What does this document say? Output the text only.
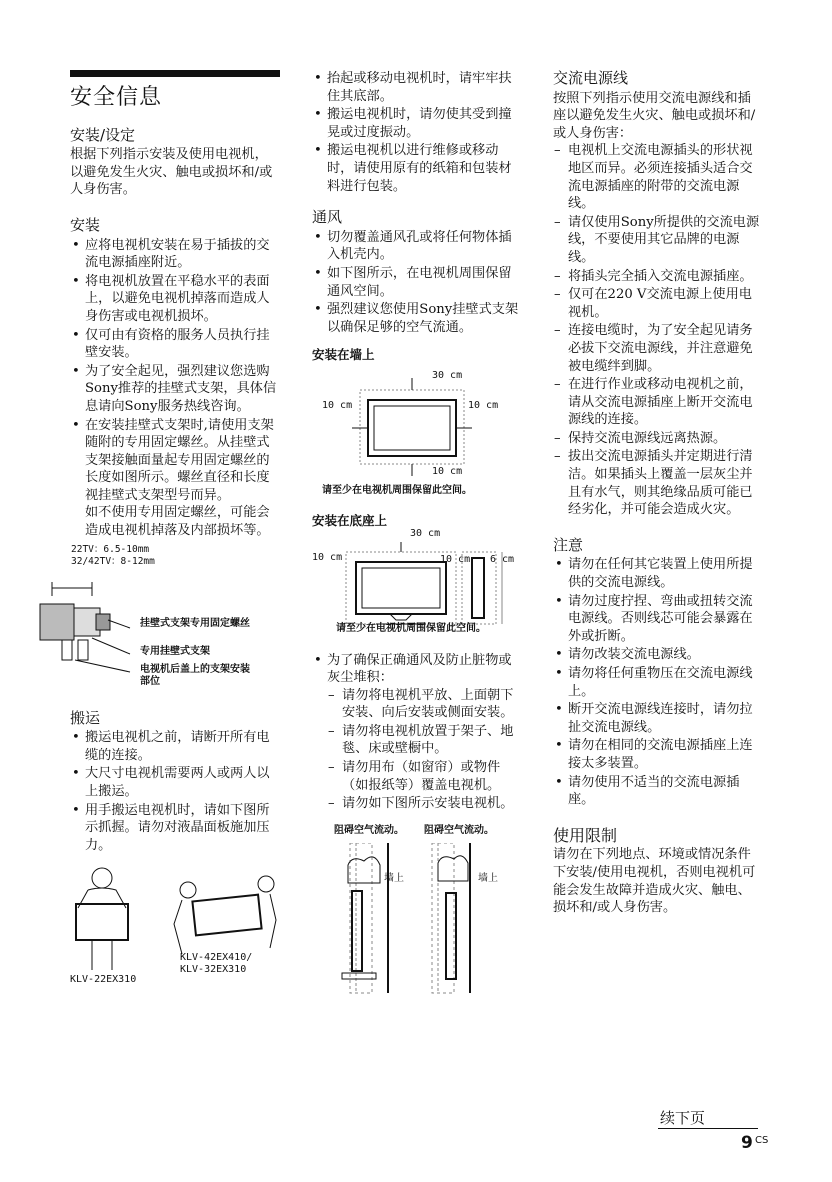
安全信息
安装/设定

根据下列指示安装及使用电视机，以避免发生火灾、触电或损坏和/或人身伤害。

安装
• 应将电视机安装在易于插拔的交流电源插座附近。
• 将电视机放置在平稳水平的表面上，以避免电视机掉落而造成人身伤害或电视机损坏。
• 仅可由有资格的服务人员执行挂壁安装。
• 为了安全起见，强烈建议您选购Sony推荐的挂壁式支架，具体信息请向Sony服务热线咨询。
• 在安装挂壁式支架时,请使用支架随附的专用固定螺丝。从挂壁式支架接触面量起专用固定螺丝的长度如图所示。螺丝直径和长度视挂壁式支架型号而异。
如不使用专用固定螺丝，可能会造成电视机掉落及内部损坏等。
22TV：6.5-10mm
32/42TV：8-12mm
挂壁式支架专用固定螺丝
专用挂壁式支架
电视机后盖上的支架安装部位
搬运
• 搬运电视机之前，请断开所有电缆的连接。
• 大尺寸电视机需要两人或两人以上搬运。
• 用手搬运电视机时，请如下图所示抓握。请勿对液晶面板施加压力。
KLV-22EX310
KLV-42EX410/
KLV-32EX310
• 抬起或移动电视机时，请牢牢扶住其底部。
• 搬运电视机时，请勿使其受到撞晃或过度振动。
• 搬运电视机以进行维修或移动时，请使用原有的纸箱和包装材料进行包装。
通风
• 切勿覆盖通风孔或将任何物体插入机壳内。
• 如下图所示，在电视机周围保留通风空间。
• 强烈建议您使用Sony挂壁式支架以确保足够的空气流通。
安装在墙上
30 cm
10 cm	10 cm
10 cm
请至少在电视机周围保留此空间。
安装在底座上
30 cm
10 cm	10 cm 6 cm
请至少在电视机周围保留此空间。
• 为了确保正确通风及防止脏物或灰尘堆积：
– 请勿将电视机平放、上面朝下安装、向后安装或侧面安装。
– 请勿将电视机放置于架子、地毯、床或壁橱中。
– 请勿用布（如窗帘）或物件（如报纸等）覆盖电视机。
– 请勿如下图所示安装电视机。
阻碍空气流动。 阻碍空气流动。
墙上	墙上
交流电源线

按照下列指示使用交流电源线和插座以避免发生火灾、触电或损坏和/或人身伤害：

– 电视机上交流电源插头的形状视地区而异。必须连接插头适合交流电源插座的附带的交流电源线。
– 请仅使用Sony所提供的交流电源线，不要使用其它品牌的电源线。
– 将插头完全插入交流电源插座。
– 仅可在220 V交流电源上使用电视机。
– 连接电缆时，为了安全起见请务必拔下交流电源线，并注意避免被电缆绊到脚。
– 在进行作业或移动电视机之前，请从交流电源插座上断开交流电源线的连接。
– 保持交流电源线远离热源。
– 拔出交流电源插头并定期进行清洁。如果插头上覆盖一层灰尘并且有水气，则其绝缘品质可能已经劣化，并可能会造成火灾。
注意
• 请勿在任何其它装置上使用所提供的交流电源线。
• 请勿过度拧捏、弯曲或扭转交流电源线。否则线芯可能会暴露在外或折断。
• 请勿改装交流电源线。
• 请勿将任何重物压在交流电源线上。
• 断开交流电源线连接时，请勿拉扯交流电源线。
• 请勿在相同的交流电源插座上连接太多装置。
• 请勿使用不适当的交流电源插座。
使用限制

请勿在下列地点、环境或情况条件下安装/使用电视机，否则电视机可能会发生故障并造成火灾、触电、损坏和/或人身伤害。

续下页
9 CS
